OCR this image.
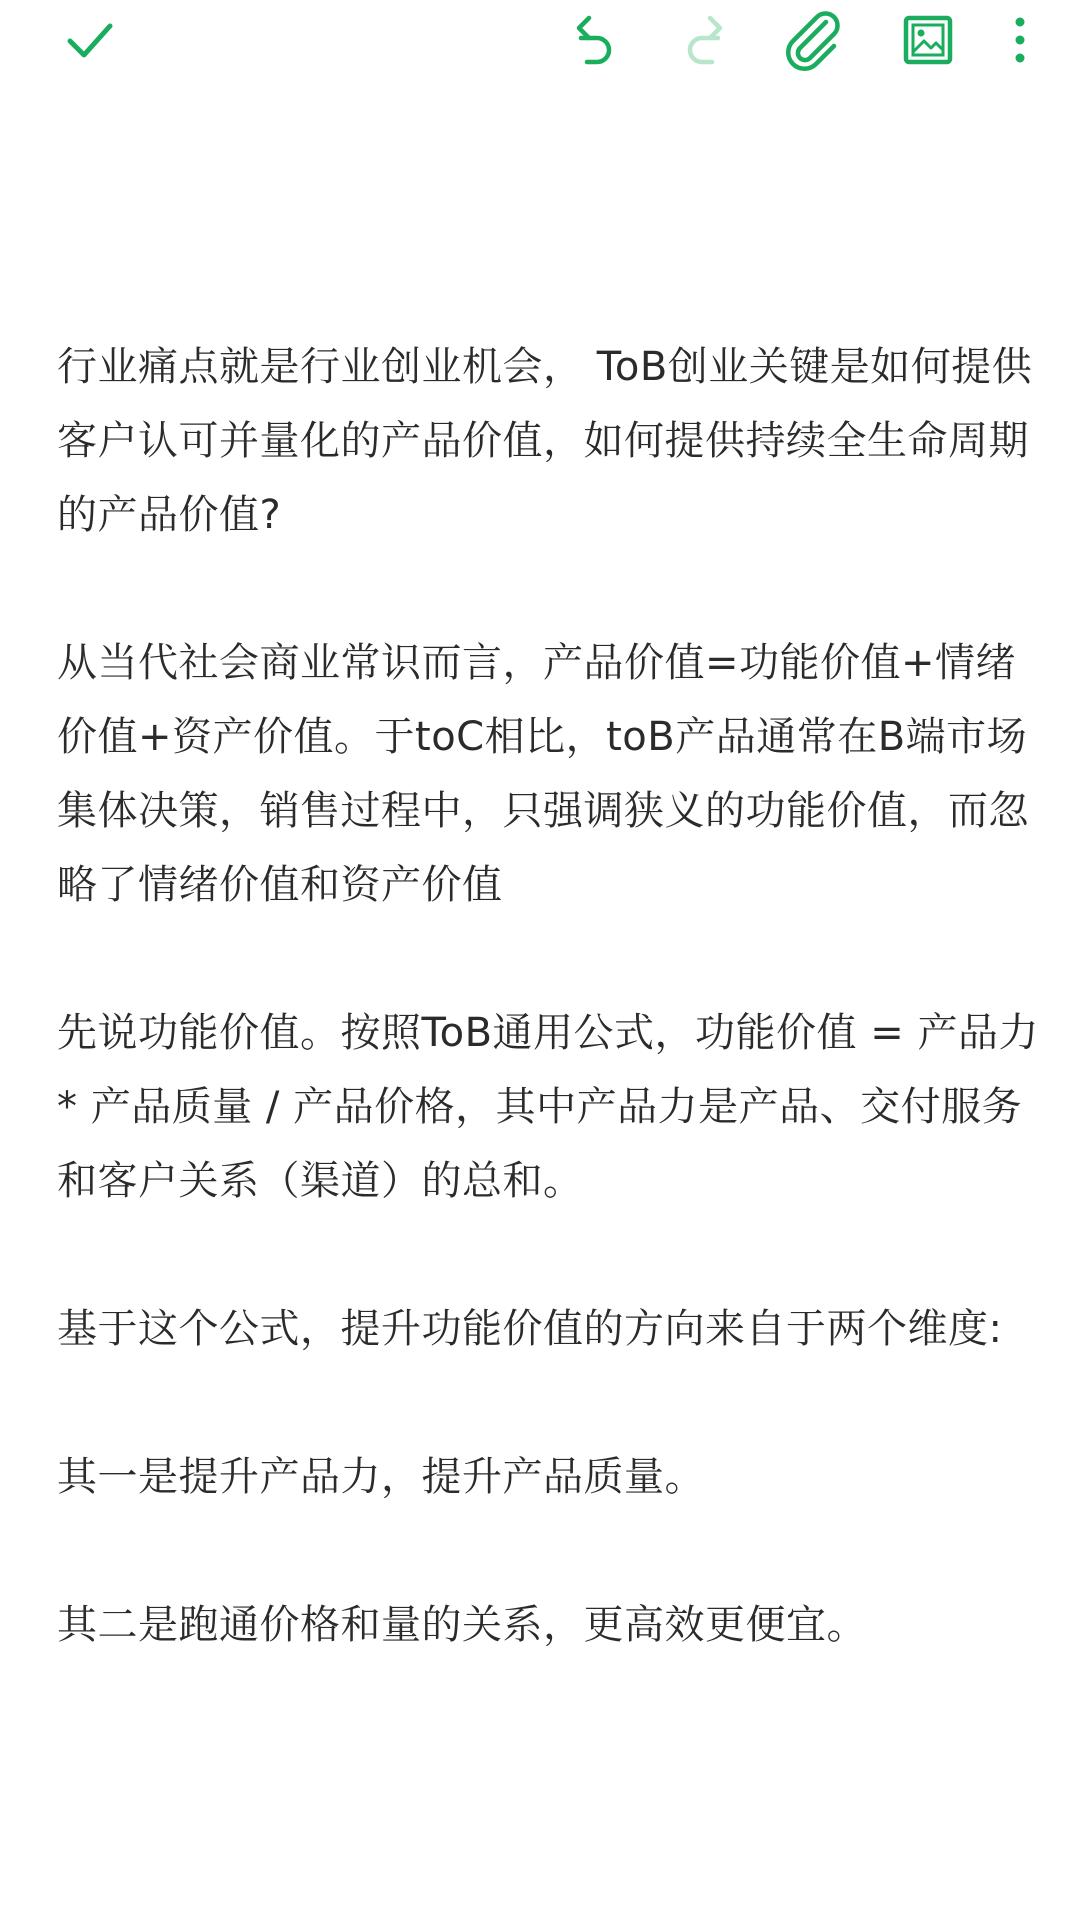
行业痛点就是行业创业机会， ToB创业关键是如何提供客户认可并量化的产品价值，如何提供持续全生命周期的产品价值?

从当代社会商业常识而言，产品价值=功能价值+情绪价值+资产价值。于toC相比，toB产品通常在B端市场集体决策，销售过程中，只强调狭义的功能价值，而忽略了情绪价值和资产价值

先说功能价值。按照ToB通用公式，功能价值 = 产品力 * 产品质量 / 产品价格，其中产品力是产品、交付服务和客户关系（渠道）的总和。

基于这个公式，提升功能价值的方向来自于两个维度:

其一是提升产品力，提升产品质量。

其二是跑通价格和量的关系，更高效更便宜。
